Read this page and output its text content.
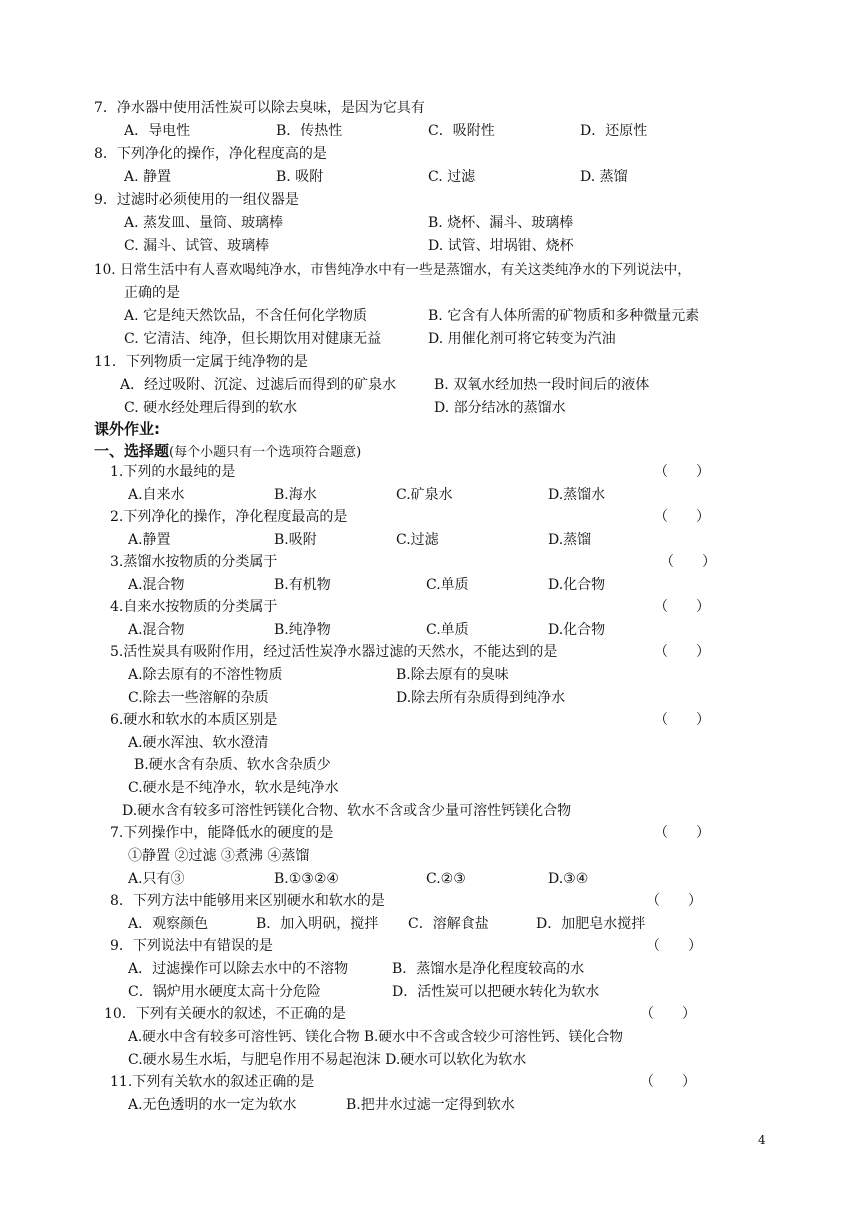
7．净水器中使用活性炭可以除去臭味，是因为它具有
A．导电性	B．传热性	C．吸附性	D．还原性
8．下列净化的操作，净化程度高的是
A. 静置	B. 吸附	C. 过滤	D. 蒸馏
9．过滤时必须使用的一组仪器是
A. 蒸发皿、量筒、玻璃棒	B. 烧杯、漏斗、玻璃棒
C. 漏斗、试管、玻璃棒	D. 试管、坩埚钳、烧杯
10. 日常生活中有人喜欢喝纯净水，市售纯净水中有一些是蒸馏水，有关这类纯净水的下列说法中，
正确的是
A. 它是纯天然饮品，不含任何化学物质	B. 它含有人体所需的矿物质和多种微量元素
C. 它清洁、纯净，但长期饮用对健康无益	D. 用催化剂可将它转变为汽油
11．下列物质一定属于纯净物的是
A．经过吸附、沉淀、过滤后而得到的矿泉水	B. 双氧水经加热一段时间后的液体
C. 硬水经处理后得到的软水	D. 部分结冰的蒸馏水
课外作业:
一、选择题(每个小题只有一个选项符合题意)
1.下列的水最纯的是	（　　）
A.自来水	B.海水	C.矿泉水	D.蒸馏水
2.下列净化的操作，净化程度最高的是	（　　）
A.静置	B.吸附	C.过滤	D.蒸馏
3.蒸馏水按物质的分类属于	（　　）
A.混合物	B.有机物	C.单质	D.化合物
4.自来水按物质的分类属于	（　　）
A.混合物	B.纯净物	C.单质	D.化合物
5.活性炭具有吸附作用，经过活性炭净水器过滤的天然水，不能达到的是	（　　）
A.除去原有的不溶性物质	B.除去原有的臭味
C.除去一些溶解的杂质	D.除去所有杂质得到纯净水
6.硬水和软水的本质区别是	（　　）
A.硬水浑浊、软水澄清
B.硬水含有杂质、软水含杂质少
C.硬水是不纯净水，软水是纯净水
D.硬水含有较多可溶性钙镁化合物、软水不含或含少量可溶性钙镁化合物
7.下列操作中，能降低水的硬度的是	（　　）
①静置 ②过滤 ③煮沸 ④蒸馏
A.只有③	B.①③②④	C.②③	D.③④
8．下列方法中能够用来区别硬水和软水的是	（　　）
A．观察颜色	B．加入明矾，搅拌 C．溶解食盐	D．加肥皂水搅拌
9．下列说法中有错误的是	（　　）
A．过滤操作可以除去水中的不溶物	B．蒸馏水是净化程度较高的水
C．锅炉用水硬度太高十分危险	D．活性炭可以把硬水转化为软水
10．下列有关硬水的叙述，不正确的是	（　　）
A.硬水中含有较多可溶性钙、镁化合物 B.硬水中不含或含较少可溶性钙、镁化合物
C.硬水易生水垢，与肥皂作用不易起泡沫 D.硬水可以软化为软水
11.下列有关软水的叙述正确的是	（　　）
A.无色透明的水一定为软水	B.把井水过滤一定得到软水
4
